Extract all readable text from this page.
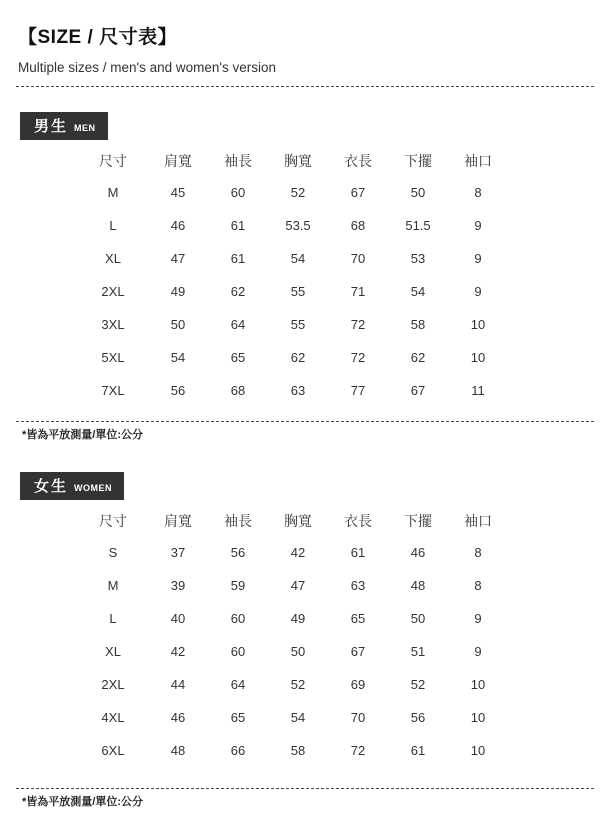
【SIZE / 尺寸表】

Multiple sizes / men's and women's version

男生 MEN
尺寸	肩寬	袖長	胸寬	衣長	下擺	袖口
M	45	60	52	67	50	8
L	46	61	53.5	68	51.5	9
XL	47	61	54	70	53	9
2XL	49	62	55	71	54	9
3XL	50	64	55	72	58	10
5XL	54	65	62	72	62	10
7XL	56	68	63	77	67	11

*皆為平放測量/單位:公分

女生 WOMEN
尺寸	肩寬	袖長	胸寬	衣長	下擺	袖口
S	37	56	42	61	46	8
M	39	59	47	63	48	8
L	40	60	49	65	50	9
XL	42	60	50	67	51	9
2XL	44	64	52	69	52	10
4XL	46	65	54	70	56	10
6XL	48	66	58	72	61	10

*皆為平放測量/單位:公分
